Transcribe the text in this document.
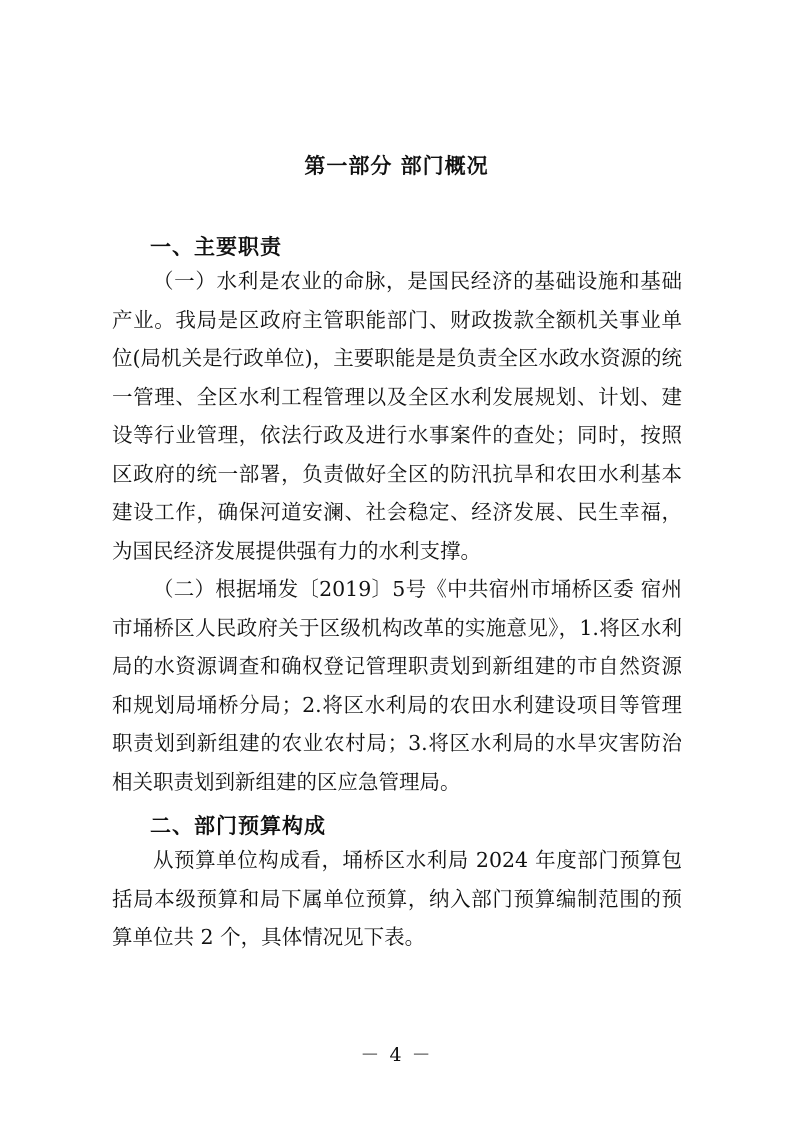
第一部分 部门概况
一、主要职责

（一）水利是农业的命脉，是国民经济的基础设施和基础产业。我局是区政府主管职能部门、财政拨款全额机关事业单位(局机关是行政单位)，主要职能是是负责全区水政水资源的统一管理、全区水利工程管理以及全区水利发展规划、计划、建设等行业管理，依法行政及进行水事案件的查处；同时，按照区政府的统一部署，负责做好全区的防汛抗旱和农田水利基本建设工作，确保河道安澜、社会稳定、经济发展、民生幸福，为国民经济发展提供强有力的水利支撑。

（二）根据埇发〔2019〕5号《中共宿州市埇桥区委 宿州市埇桥区人民政府关于区级机构改革的实施意见》，1.将区水利局的水资源调查和确权登记管理职责划到新组建的市自然资源和规划局埇桥分局；2.将区水利局的农田水利建设项目等管理职责划到新组建的农业农村局；3.将区水利局的水旱灾害防治相关职责划到新组建的区应急管理局。

二、部门预算构成

从预算单位构成看，埇桥区水利局 2024 年度部门预算包括局本级预算和局下属单位预算，纳入部门预算编制范围的预算单位共 2 个，具体情况见下表。

－ 4 －
